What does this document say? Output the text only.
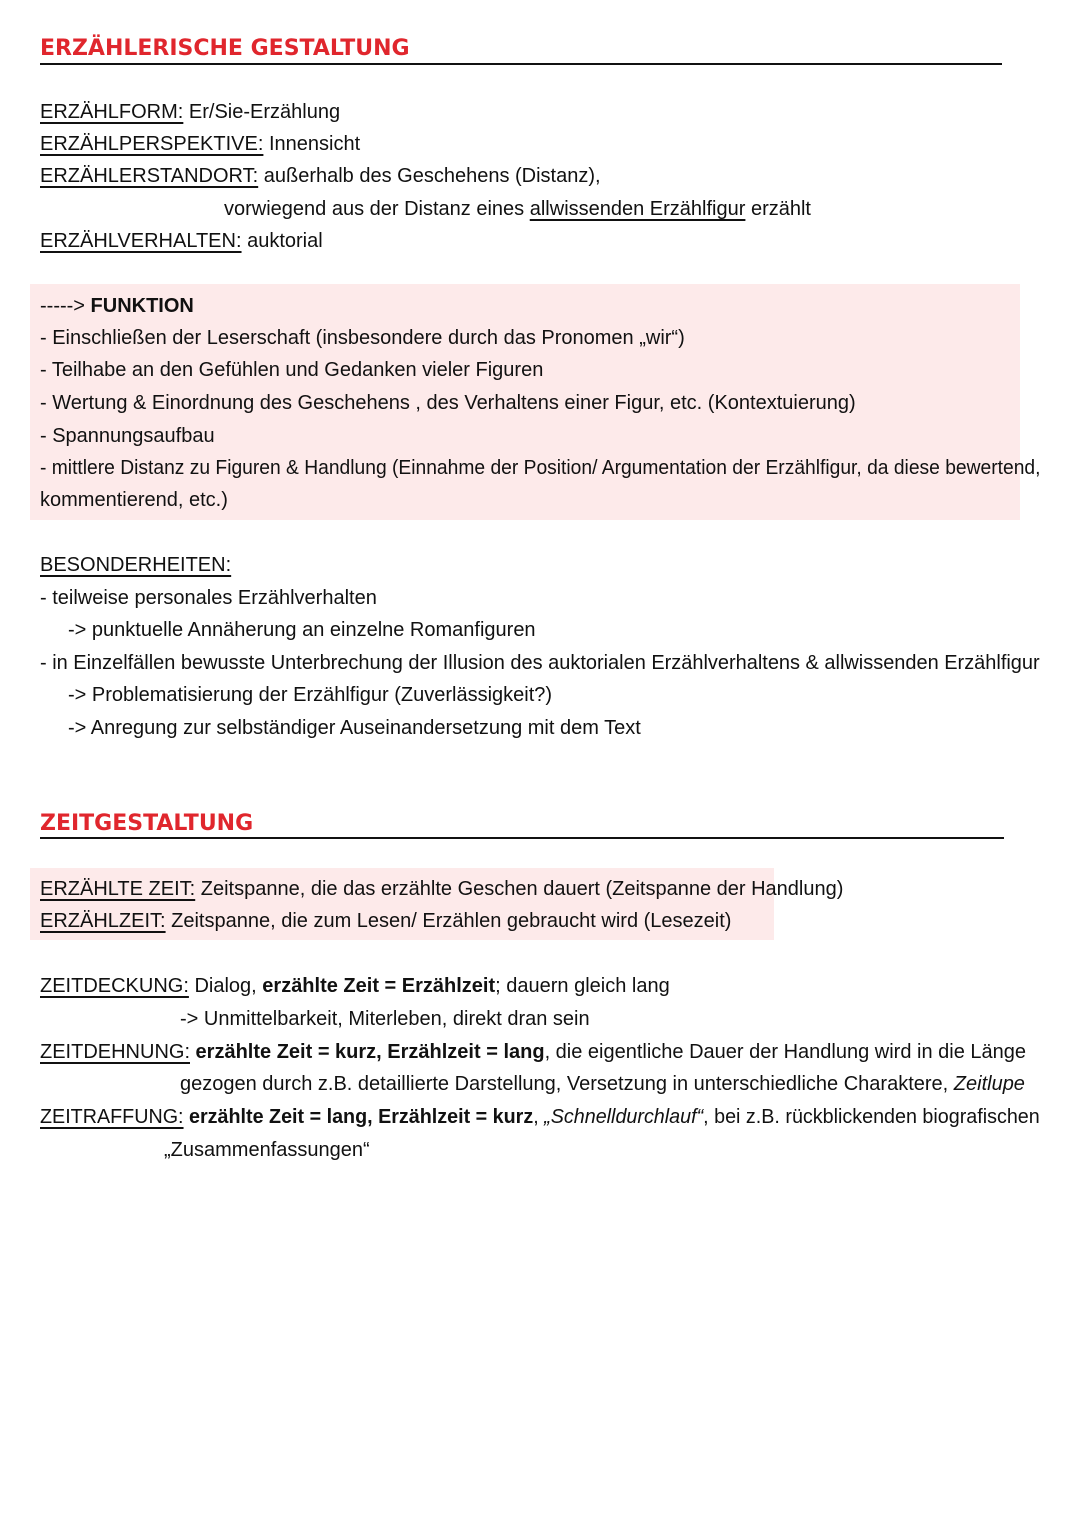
ERZÄHLERISCHE GESTALTUNG
ERZÄHLFORM: Er/Sie-Erzählung
ERZÄHLPERSPEKTIVE: Innensicht
ERZÄHLERSTANDORT: außerhalb des Geschehens (Distanz),
vorwiegend aus der Distanz eines allwissenden Erzählfigur erzählt
ERZÄHLVERHALTEN: auktorial
-----> FUNKTION
- Einschließen der Leserschaft (insbesondere durch das Pronomen „wir“)
- Teilhabe an den Gefühlen und Gedanken vieler Figuren
- Wertung & Einordnung des Geschehens , des Verhaltens einer Figur, etc. (Kontextuierung)
- Spannungsaufbau
- mittlere Distanz zu Figuren & Handlung (Einnahme der Position/ Argumentation der Erzählfigur, da diese bewertend,
kommentierend, etc.)
BESONDERHEITEN:
- teilweise personales Erzählverhalten
-> punktuelle Annäherung an einzelne Romanfiguren
- in Einzelfällen bewusste Unterbrechung der Illusion des auktorialen Erzählverhaltens & allwissenden Erzählfigur
-> Problematisierung der Erzählfigur (Zuverlässigkeit?)
-> Anregung zur selbständiger Auseinandersetzung mit dem Text
ZEITGESTALTUNG
ERZÄHLTE ZEIT: Zeitspanne, die das erzählte Geschen dauert (Zeitspanne der Handlung)
ERZÄHLZEIT: Zeitspanne, die zum Lesen/ Erzählen gebraucht wird (Lesezeit)
ZEITDECKUNG: Dialog, erzählte Zeit = Erzählzeit; dauern gleich lang
-> Unmittelbarkeit, Miterleben, direkt dran sein
ZEITDEHNUNG: erzählte Zeit = kurz, Erzählzeit = lang, die eigentliche Dauer der Handlung wird in die Länge
gezogen durch z.B. detaillierte Darstellung, Versetzung in unterschiedliche Charaktere, Zeitlupe
ZEITRAFFUNG: erzählte Zeit = lang, Erzählzeit = kurz, „Schnelldurchlauf“, bei z.B. rückblickenden biografischen
„Zusammenfassungen“
